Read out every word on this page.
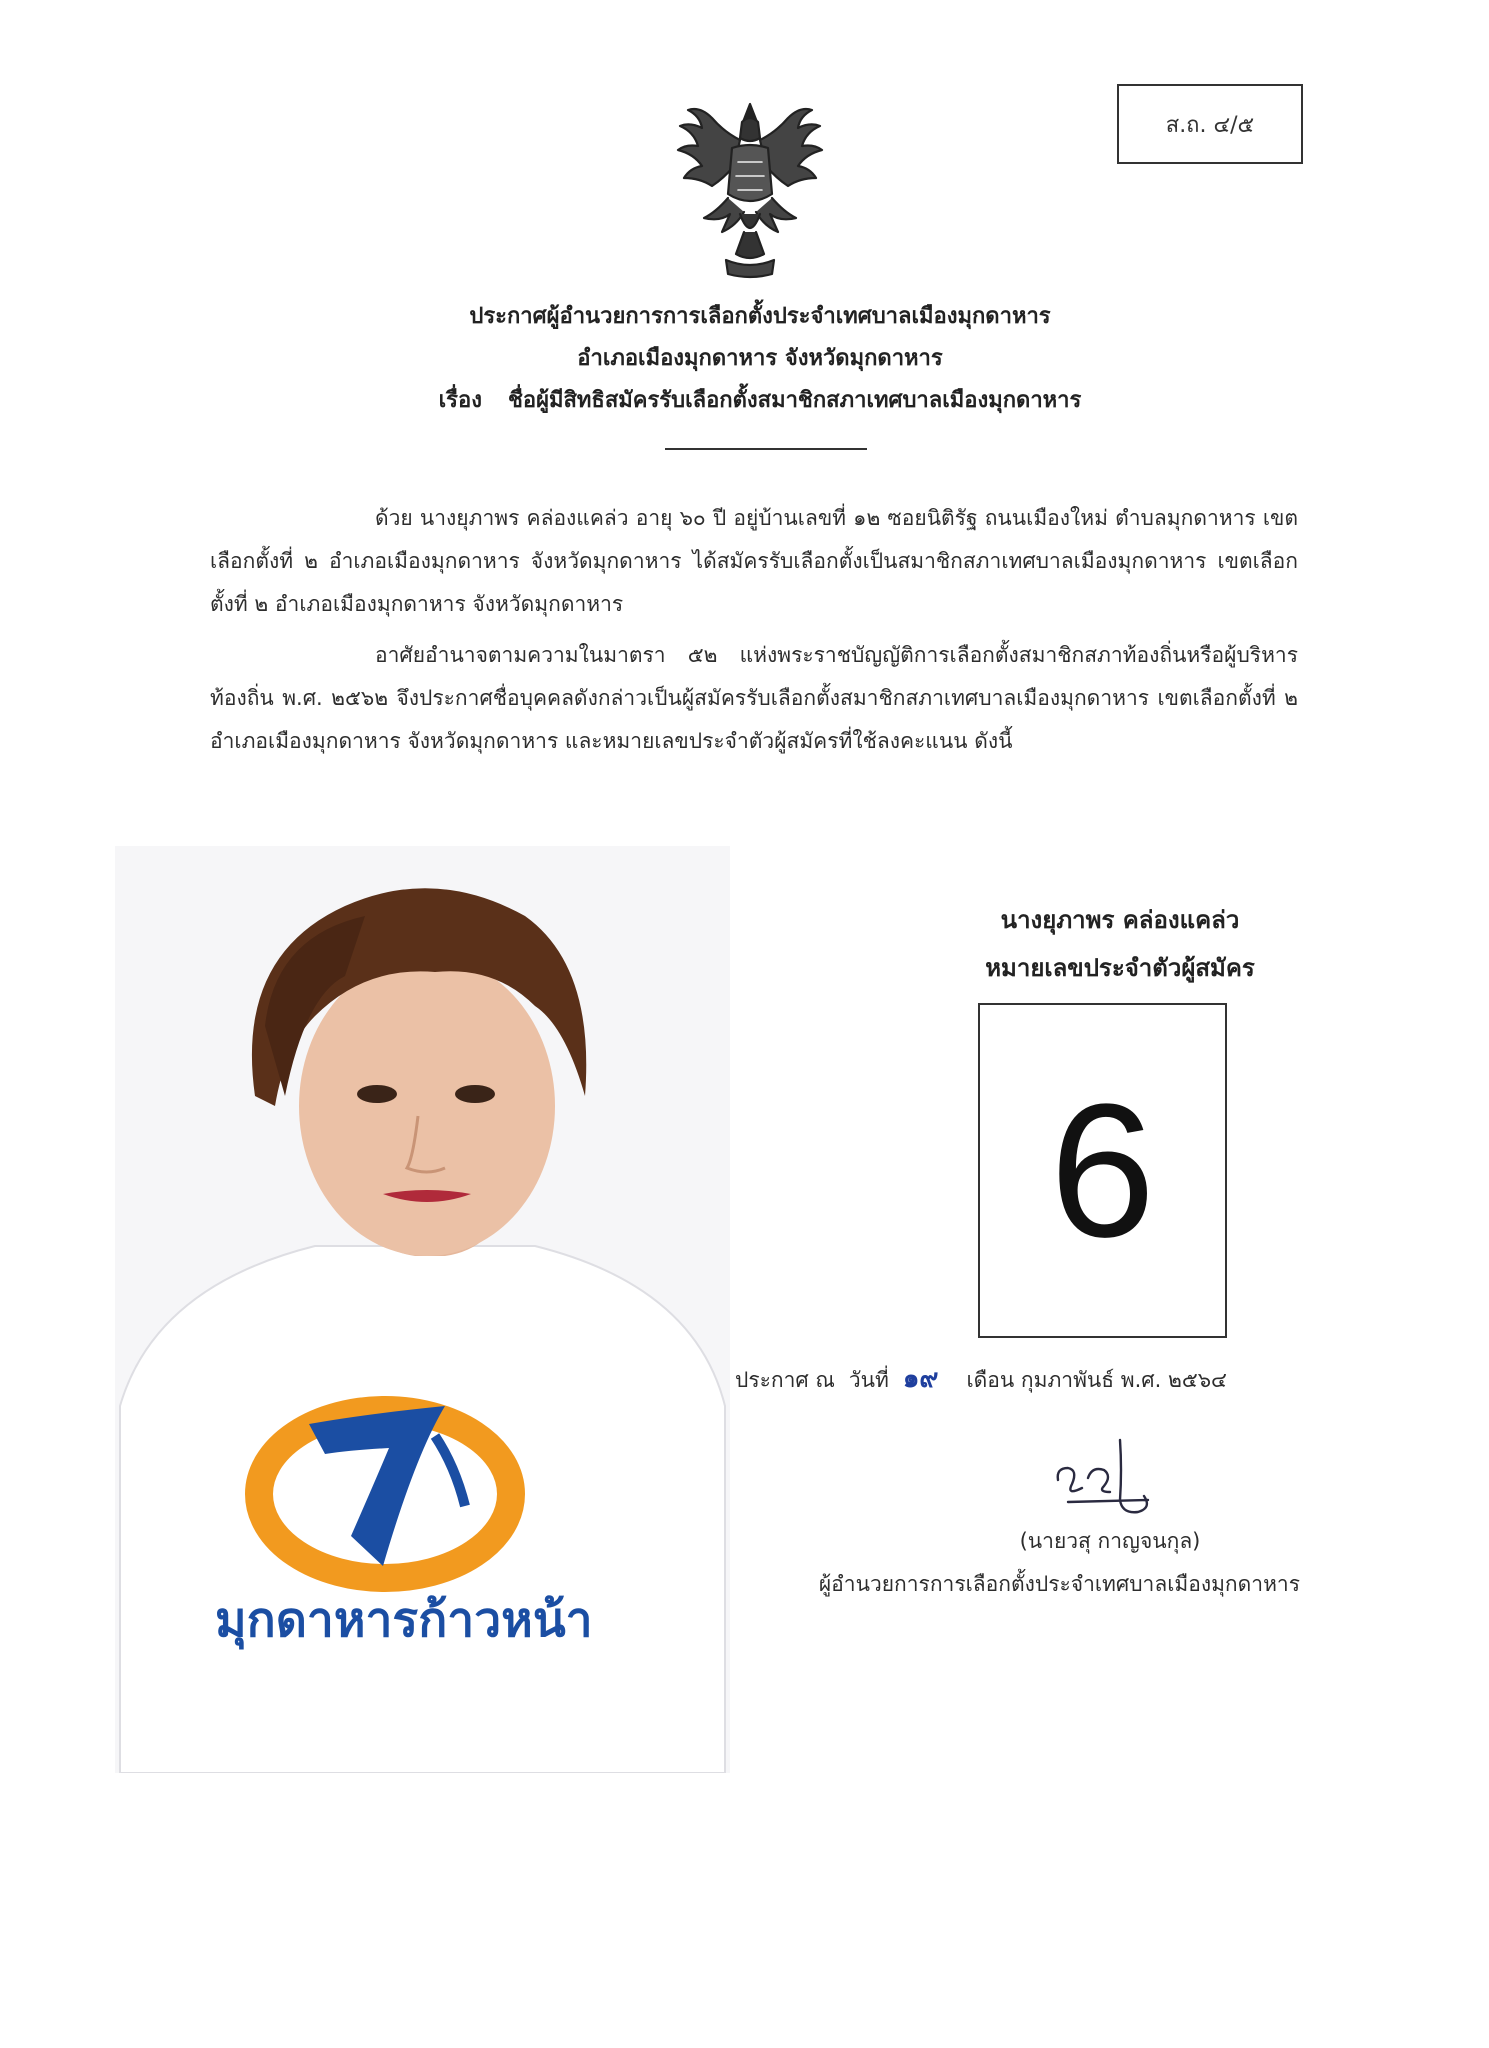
ส.ถ. ๔/๕
ประกาศผู้อำนวยการการเลือกตั้งประจำเทศบาลเมืองมุกดาหาร
อำเภอเมืองมุกดาหาร จังหวัดมุกดาหาร
เรื่อง ชื่อผู้มีสิทธิสมัครรับเลือกตั้งสมาชิกสภาเทศบาลเมืองมุกดาหาร
ด้วย นางยุภาพร คล่องแคล่ว อายุ ๖๐ ปี อยู่บ้านเลขที่ ๑๒ ซอยนิติรัฐ ถนนเมืองใหม่ ตำบลมุกดาหาร เขตเลือกตั้งที่ ๒ อำเภอเมืองมุกดาหาร จังหวัดมุกดาหาร ได้สมัครรับเลือกตั้งเป็นสมาชิกสภาเทศบาลเมืองมุกดาหาร เขตเลือกตั้งที่ ๒ อำเภอเมืองมุกดาหาร จังหวัดมุกดาหาร
อาศัยอำนาจตามความในมาตรา ๕๒ แห่งพระราชบัญญัติการเลือกตั้งสมาชิกสภาท้องถิ่นหรือผู้บริหารท้องถิ่น พ.ศ. ๒๕๖๒ จึงประกาศชื่อบุคคลดังกล่าวเป็นผู้สมัครรับเลือกตั้งสมาชิกสภาเทศบาลเมืองมุกดาหาร เขตเลือกตั้งที่ ๒ อำเภอเมืองมุกดาหาร จังหวัดมุกดาหาร และหมายเลขประจำตัวผู้สมัครที่ใช้ลงคะแนน ดังนี้
มุกดาหารก้าวหน้า
นางยุภาพร คล่องแคล่ว
หมายเลขประจำตัวผู้สมัคร
6
ประกาศ ณ วันที่ ๑๙ เดือน กุมภาพันธ์ พ.ศ. ๒๕๖๔
(นายวสุ กาญจนกุล)
ผู้อำนวยการการเลือกตั้งประจำเทศบาลเมืองมุกดาหาร
